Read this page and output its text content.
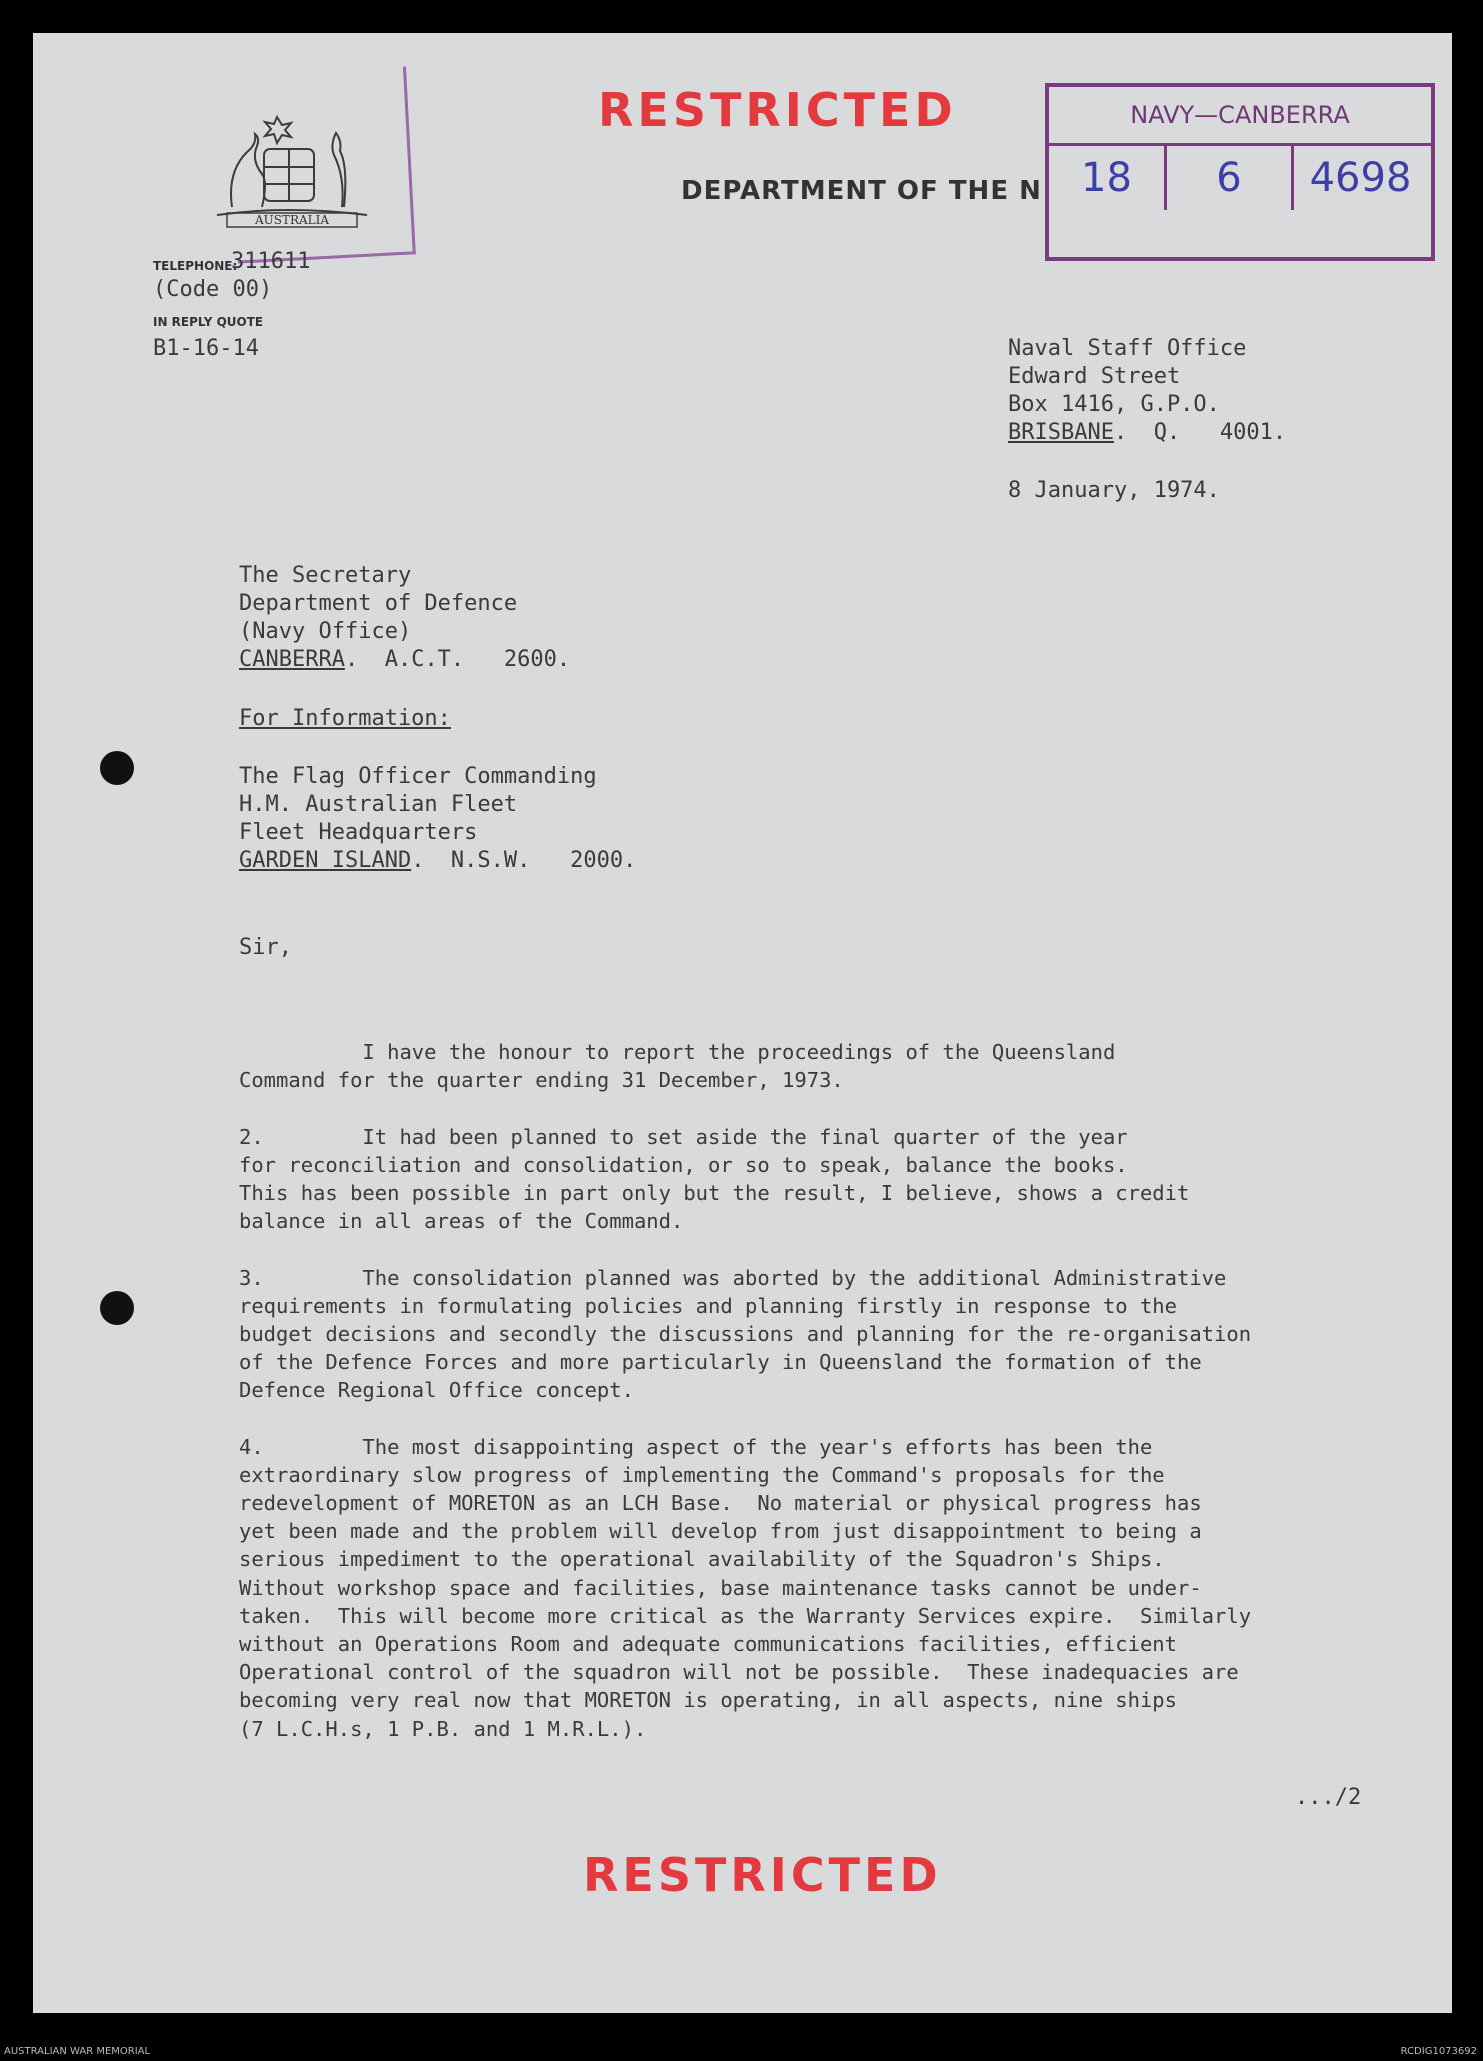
AUSTRALIA

RESTRICTED
DEPARTMENT OF THE N
NAVY—CANBERRA
18	6	4698
TELEPHONE:
311611
(Code 00)
IN REPLY QUOTE
B1-16-14	Naval Staff Office
Edward Street
Box 1416, G.P.O.
BRISBANE.  Q.   4001.
8 January, 1974.
The Secretary
Department of Defence
(Navy Office)
CANBERRA.  A.C.T.   2600.
For Information:
The Flag Officer Commanding
H.M. Australian Fleet
Fleet Headquarters
GARDEN ISLAND.  N.S.W.   2000.
Sir,
I have the honour to report the proceedings of the Queensland
Command for the quarter ending 31 December, 1973.
2.        It had been planned to set aside the final quarter of the year
for reconciliation and consolidation, or so to speak, balance the books.
This has been possible in part only but the result, I believe, shows a credit
balance in all areas of the Command.
3.        The consolidation planned was aborted by the additional Administrative
requirements in formulating policies and planning firstly in response to the
budget decisions and secondly the discussions and planning for the re-organisation
of the Defence Forces and more particularly in Queensland the formation of the
Defence Regional Office concept.
4.        The most disappointing aspect of the year's efforts has been the
extraordinary slow progress of implementing the Command's proposals for the
redevelopment of MORETON as an LCH Base.  No material or physical progress has
yet been made and the problem will develop from just disappointment to being a
serious impediment to the operational availability of the Squadron's Ships.
Without workshop space and facilities, base maintenance tasks cannot be under-
taken.  This will become more critical as the Warranty Services expire.  Similarly
without an Operations Room and adequate communications facilities, efficient
Operational control of the squadron will not be possible.  These inadequacies are
becoming very real now that MORETON is operating, in all aspects, nine ships
(7 L.C.H.s, 1 P.B. and 1 M.R.L.).
.../2
RESTRICTED
AUSTRALIAN WAR MEMORIAL	RCDIG1073692
